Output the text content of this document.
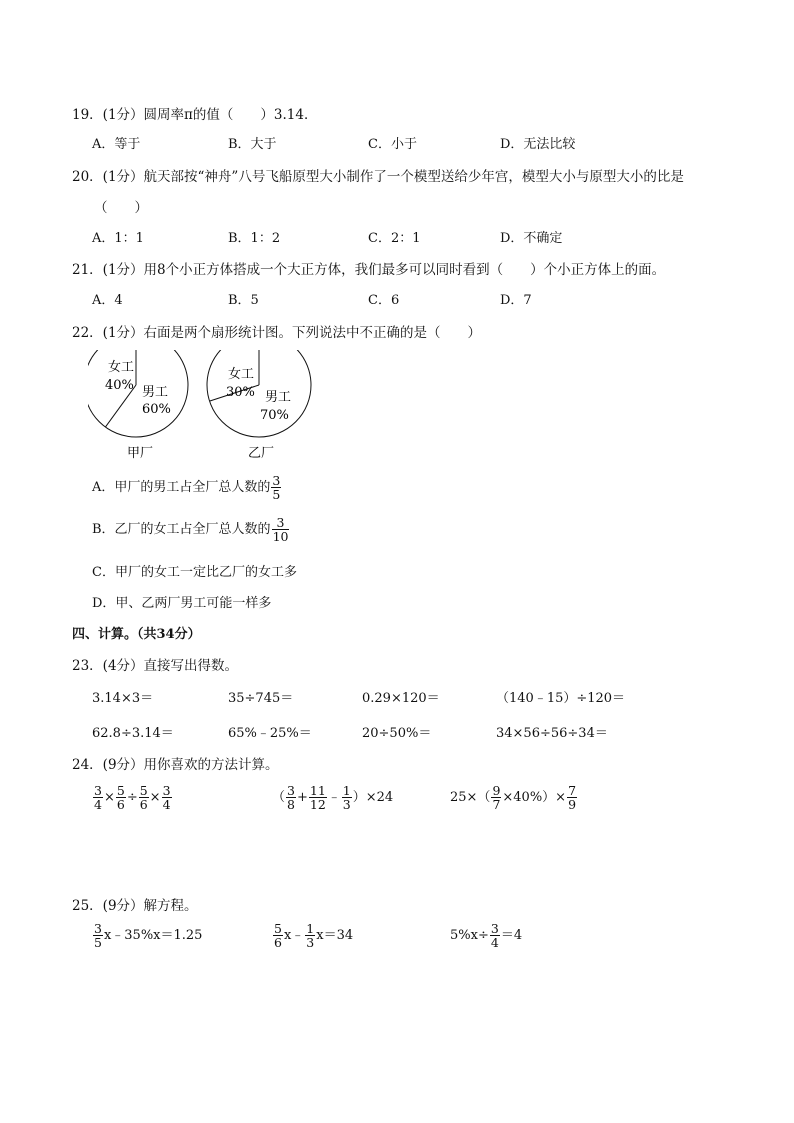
19．(1分）圆周率π的值（　　）3.14．
A．等于	B．大于	C．小于	D．无法比较
20．(1分）航天部按“神舟”八号飞船原型大小制作了一个模型送给少年宫，模型大小与原型大小的比是
（　　）
A．1：1	B．1：2	C．2：1	D．不确定
21．(1分）用8个小正方体搭成一个大正方体，我们最多可以同时看到（　　）个小正方体上的面。
A．4	B．5	C．6	D．7
22．(1分）右面是两个扇形统计图。下列说法中不正确的是（　　）
女工
40% 男工
60%
女工
30% 男工
70%
甲厂	乙厂
A．甲厂的男工占全厂总人数的 $\frac{3}{5}$
B．乙厂的女工占全厂总人数的 $\frac{3}{10}$
C．甲厂的女工一定比乙厂的女工多
D．甲、乙两厂男工可能一样多
四、计算。（共34分）
23．(4分）直接写出得数。
3.14×3＝	35÷745＝	0.29×120＝	（140﹣15）÷120＝
62.8÷3.14＝	65%﹣25%＝	20÷50%＝	34×56÷56÷34＝
24．(9分）用你喜欢的方法计算。
$\frac{3}{4} \times \frac{5}{6} \div \frac{5}{6} \times \frac{3}{4}$	（ $\frac{3}{8} + \frac{11}{12}$ ﹣ $\frac{1}{3} )\times 24$	$25\times( \frac{9}{7} \times 40\%)\times \frac{7}{9}$
25．(9分）解方程。
$\frac{3}{5}$ x﹣35%x＝1.25	$\frac{5}{6}$ x﹣ $\frac{1}{3} x=34$	$5\%x\div \frac{3}{4} =4$
